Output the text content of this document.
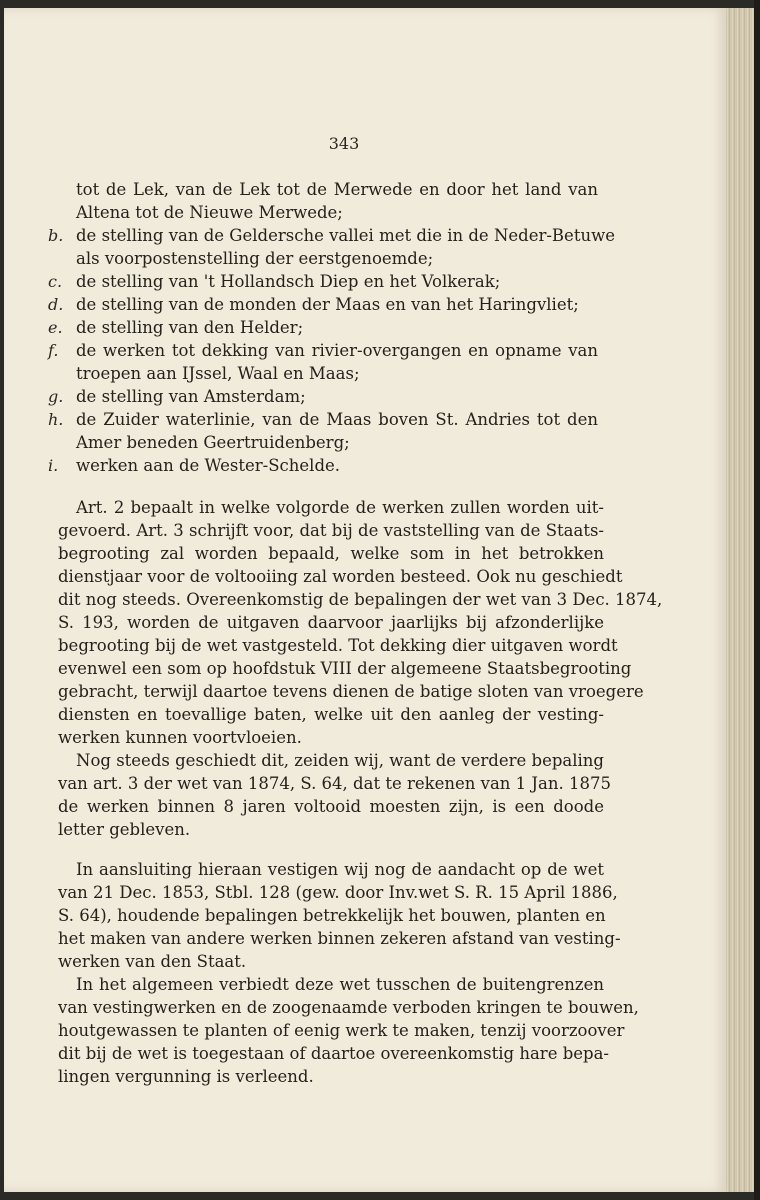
343
tot de Lek, van de Lek tot de Merwede en door het land van
Altena tot de Nieuwe Merwede;
b. de stelling van de Geldersche vallei met die in de Neder-Betuwe
als voorpostenstelling der eerstgenoemde;
c. de stelling van 't Hollandsch Diep en het Volkerak;
d. de stelling van de monden der Maas en van het Haringvliet;
e. de stelling van den Helder;
f. de werken tot dekking van rivier-overgangen en opname van
troepen aan IJssel, Waal en Maas;
g. de stelling van Amsterdam;
h. de Zuider waterlinie, van de Maas boven St. Andries tot den
Amer beneden Geertruidenberg;
i. werken aan de Wester-Schelde.
Art. 2 bepaalt in welke volgorde de werken zullen worden uit-
gevoerd. Art. 3 schrijft voor, dat bij de vaststelling van de Staats-
begrooting zal worden bepaald, welke som in het betrokken
dienstjaar voor de voltooiing zal worden besteed. Ook nu geschiedt
dit nog steeds. Overeenkomstig de bepalingen der wet van 3 Dec. 1874,
S. 193, worden de uitgaven daarvoor jaarlijks bij afzonderlijke
begrooting bij de wet vastgesteld. Tot dekking dier uitgaven wordt
evenwel een som op hoofdstuk VIII der algemeene Staatsbegrooting
gebracht, terwijl daartoe tevens dienen de batige sloten van vroegere
diensten en toevallige baten, welke uit den aanleg der vesting-
werken kunnen voortvloeien.
Nog steeds geschiedt dit, zeiden wij, want de verdere bepaling
van art. 3 der wet van 1874, S. 64, dat te rekenen van 1 Jan. 1875
de werken binnen 8 jaren voltooid moesten zijn, is een doode
letter gebleven.
In aansluiting hieraan vestigen wij nog de aandacht op de wet
van 21 Dec. 1853, Stbl. 128 (gew. door Inv.wet S. R. 15 April 1886,
S. 64), houdende bepalingen betrekkelijk het bouwen, planten en
het maken van andere werken binnen zekeren afstand van vesting-
werken van den Staat.
In het algemeen verbiedt deze wet tusschen de buitengrenzen
van vestingwerken en de zoogenaamde verboden kringen te bouwen,
houtgewassen te planten of eenig werk te maken, tenzij voorzoover
dit bij de wet is toegestaan of daartoe overeenkomstig hare bepa-
lingen vergunning is verleend.
